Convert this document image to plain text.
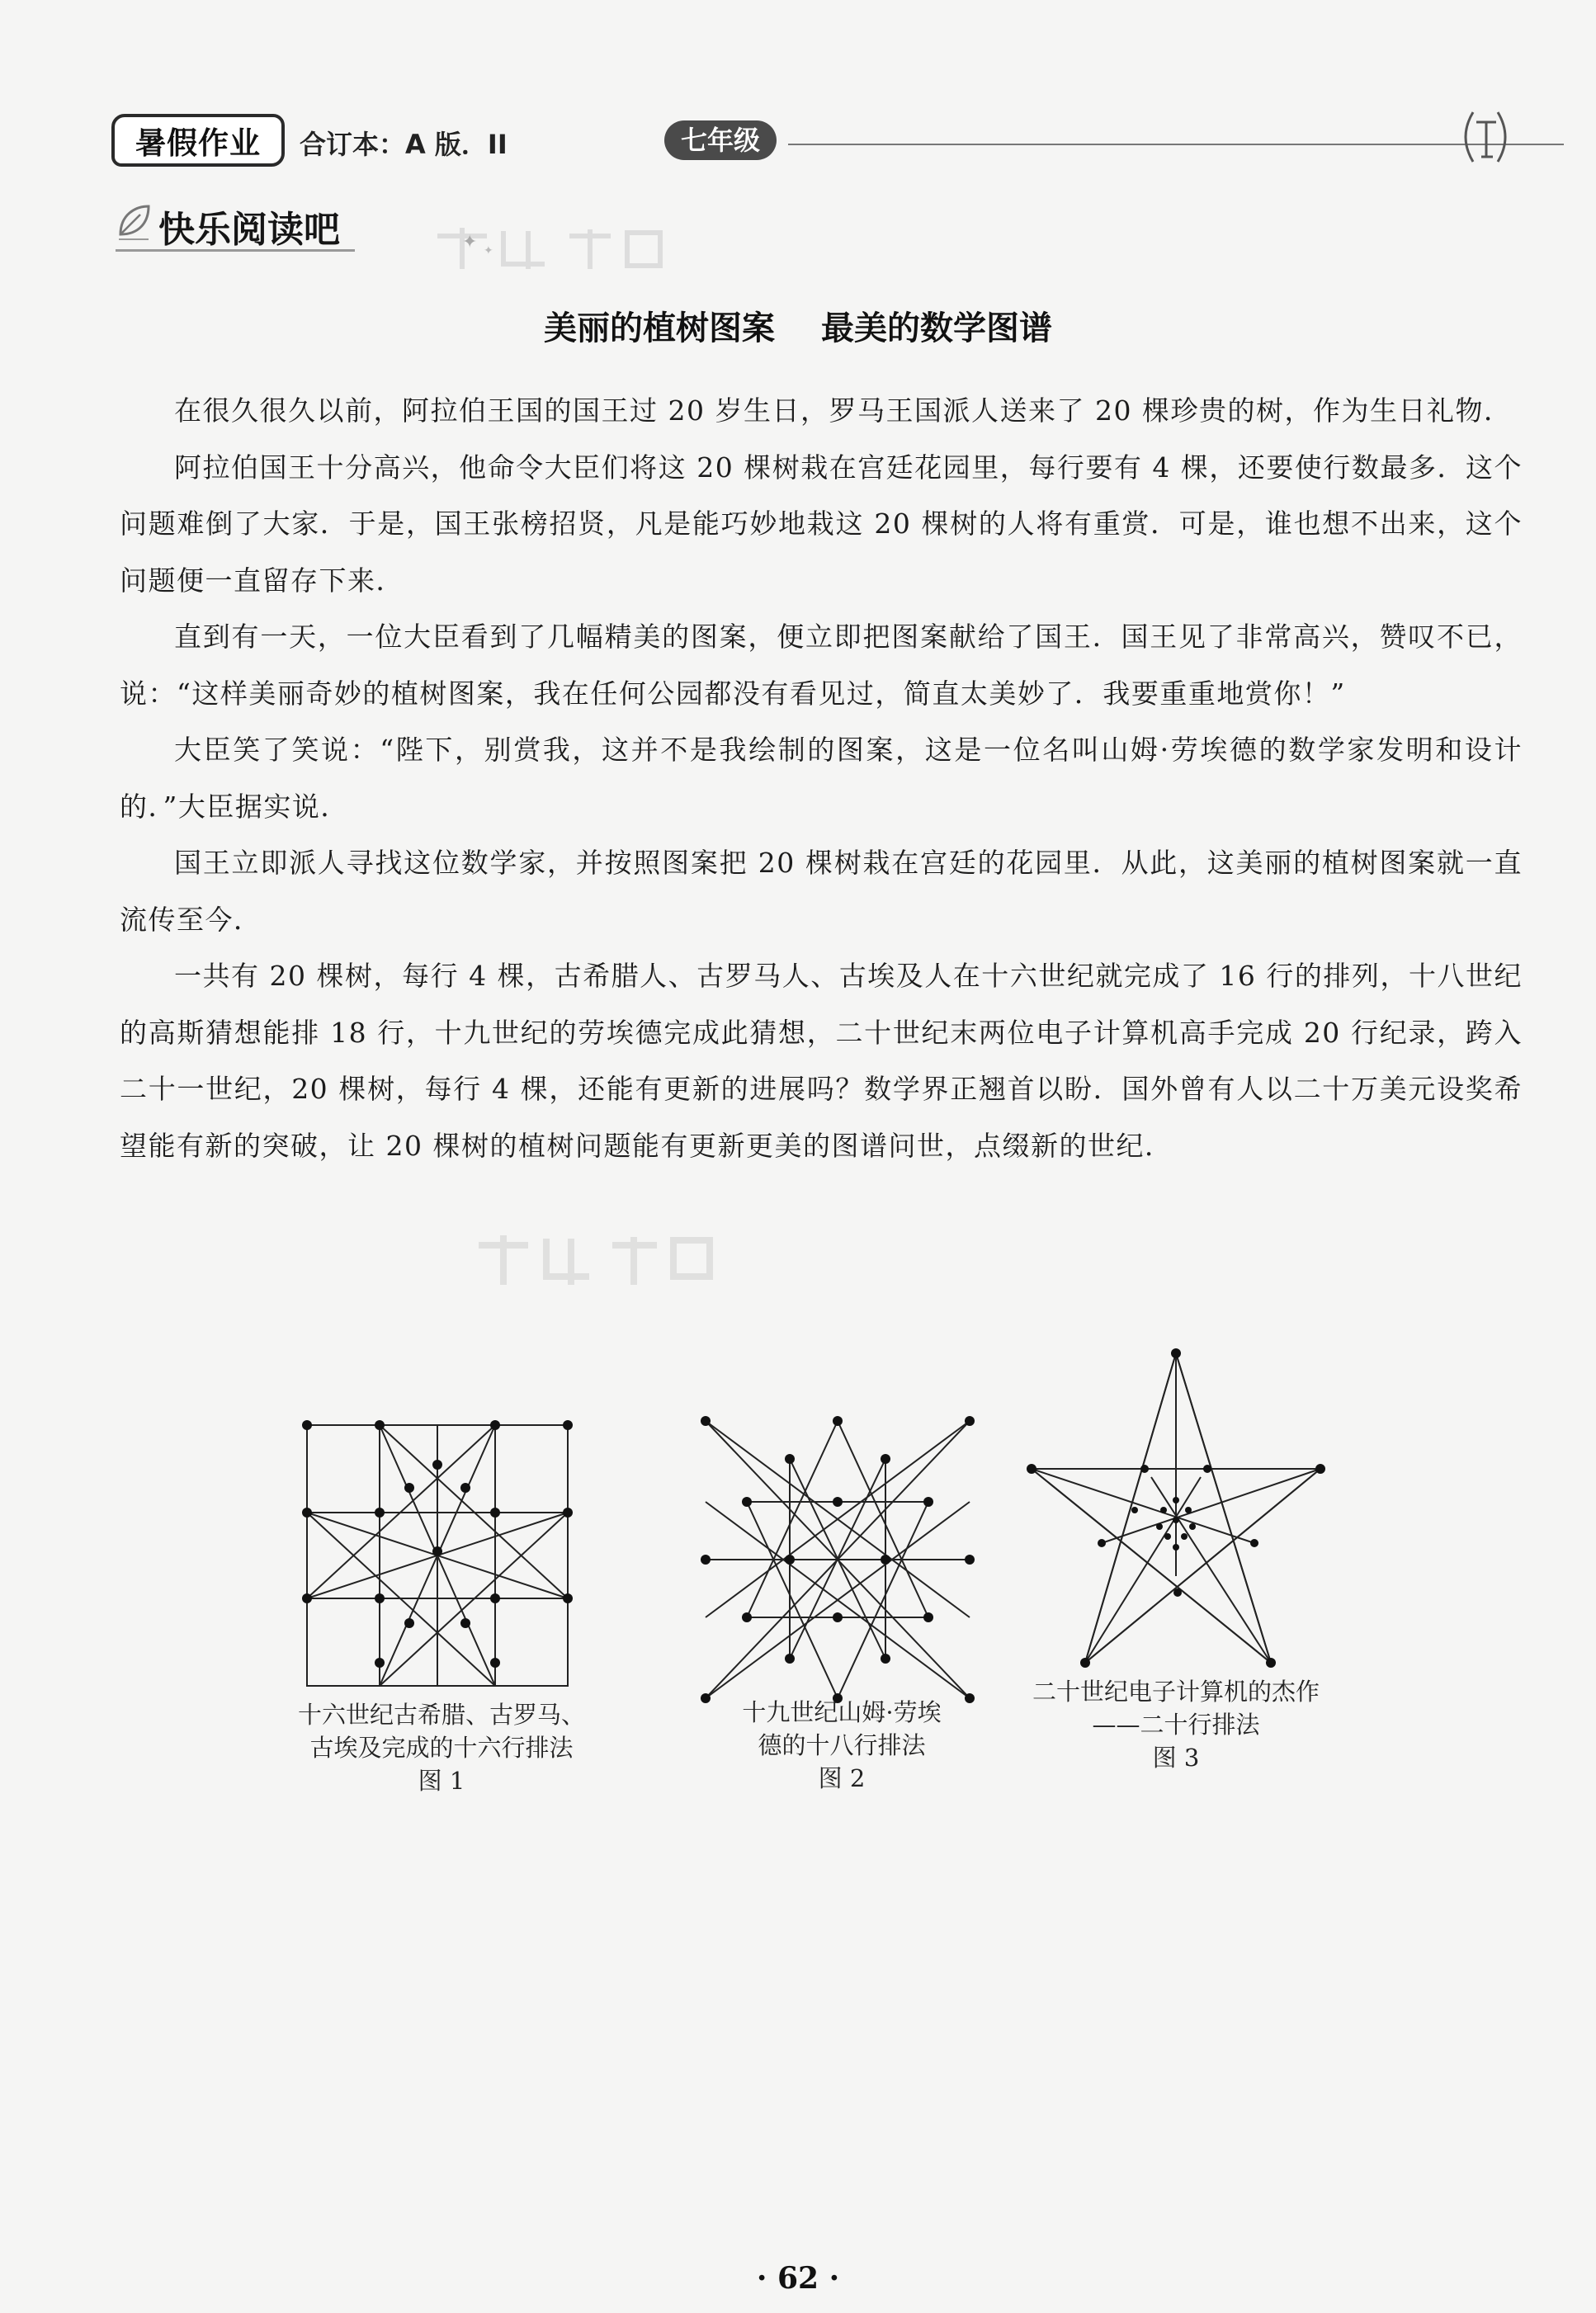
暑假作业 合订本：A 版．II	七年级
快乐阅读吧	✦ ✦
美丽的植树图案 最美的数学图谱

在很久很久以前，阿拉伯王国的国王过 20 岁生日，罗马王国派人送来了 20 棵珍贵的树，作为生日礼物．

阿拉伯国王十分高兴，他命令大臣们将这 20 棵树栽在宫廷花园里，每行要有 4 棵，还要使行数最多．这个问题难倒了大家．于是，国王张榜招贤，凡是能巧妙地栽这 20 棵树的人将有重赏．可是，谁也想不出来，这个问题便一直留存下来．

直到有一天，一位大臣看到了几幅精美的图案，便立即把图案献给了国王．国王见了非常高兴，赞叹不已，说：“这样美丽奇妙的植树图案，我在任何公园都没有看见过，简直太美妙了．我要重重地赏你！”

大臣笑了笑说：“陛下，别赏我，这并不是我绘制的图案，这是一位名叫山姆·劳埃德的数学家发明和设计的．”大臣据实说．

国王立即派人寻找这位数学家，并按照图案把 20 棵树栽在宫廷的花园里．从此，这美丽的植树图案就一直流传至今．

一共有 20 棵树，每行 4 棵，古希腊人、古罗马人、古埃及人在十六世纪就完成了 16 行的排列，十八世纪的高斯猜想能排 18 行，十九世纪的劳埃德完成此猜想，二十世纪末两位电子计算机高手完成 20 行纪录，跨入二十一世纪，20 棵树，每行 4 棵，还能有更新的进展吗？数学界正翘首以盼．国外曾有人以二十万美元设奖希望能有新的突破，让 20 棵树的植树问题能有更新更美的图谱问世，点缀新的世纪．

十六世纪古希腊、古罗马、
古埃及完成的十六行排法
图 1
十九世纪山姆·劳埃
德的十八行排法
图 2
二十世纪电子计算机的杰作
——二十行排法
图 3
· 62 ·
